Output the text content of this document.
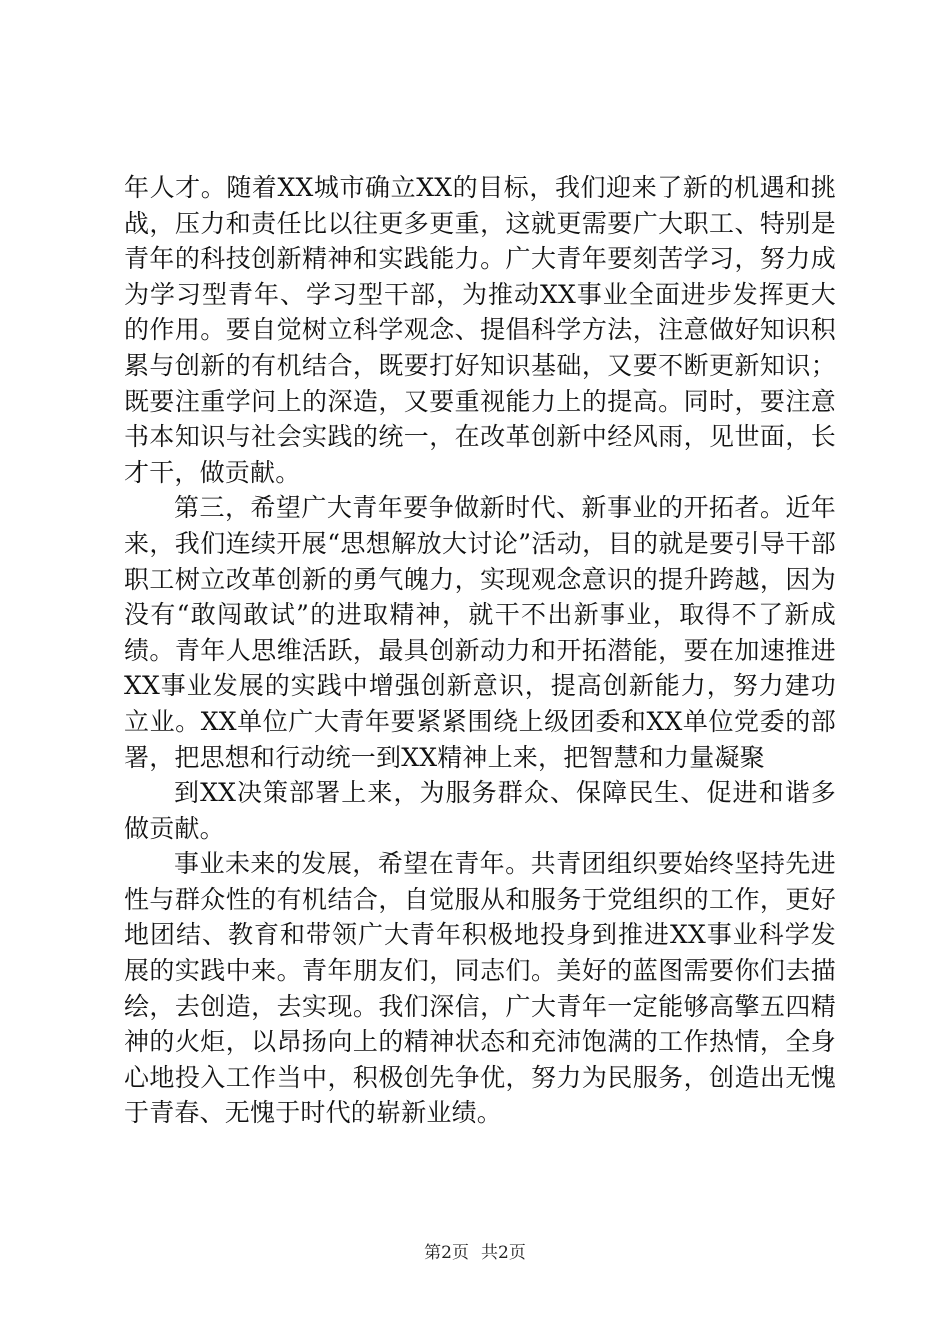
年人才。随着XX城市确立XX的目标，我们迎来了新的机遇和挑战，压力和责任比以往更多更重，这就更需要广大职工、特别是青年的科技创新精神和实践能力。广大青年要刻苦学习，努力成为学习型青年、学习型干部，为推动XX事业全面进步发挥更大的作用。要自觉树立科学观念、提倡科学方法，注意做好知识积累与创新的有机结合，既要打好知识基础，又要不断更新知识；既要注重学问上的深造，又要重视能力上的提高。同时，要注意书本知识与社会实践的统一，在改革创新中经风雨，见世面，长才干，做贡献。

第三，希望广大青年要争做新时代、新事业的开拓者。近年来，我们连续开展“思想解放大讨论”活动，目的就是要引导干部职工树立改革创新的勇气魄力，实现观念意识的提升跨越，因为没有“敢闯敢试”的进取精神，就干不出新事业，取得不了新成绩。青年人思维活跃，最具创新动力和开拓潜能，要在加速推进XX事业发展的实践中增强创新意识，提高创新能力，努力建功立业。XX单位广大青年要紧紧围绕上级团委和XX单位党委的部署，把思想和行动统一到XX精神上来，把智慧和力量凝聚

到XX决策部署上来，为服务群众、保障民生、促进和谐多做贡献。

事业未来的发展，希望在青年。共青团组织要始终坚持先进性与群众性的有机结合，自觉服从和服务于党组织的工作，更好地团结、教育和带领广大青年积极地投身到推进XX事业科学发展的实践中来。青年朋友们，同志们。美好的蓝图需要你们去描绘，去创造，去实现。我们深信，广大青年一定能够高擎五四精神的火炬，以昂扬向上的精神状态和充沛饱满的工作热情，全身心地投入工作当中，积极创先争优，努力为民服务，创造出无愧于青春、无愧于时代的崭新业绩。

第2页 共2页
